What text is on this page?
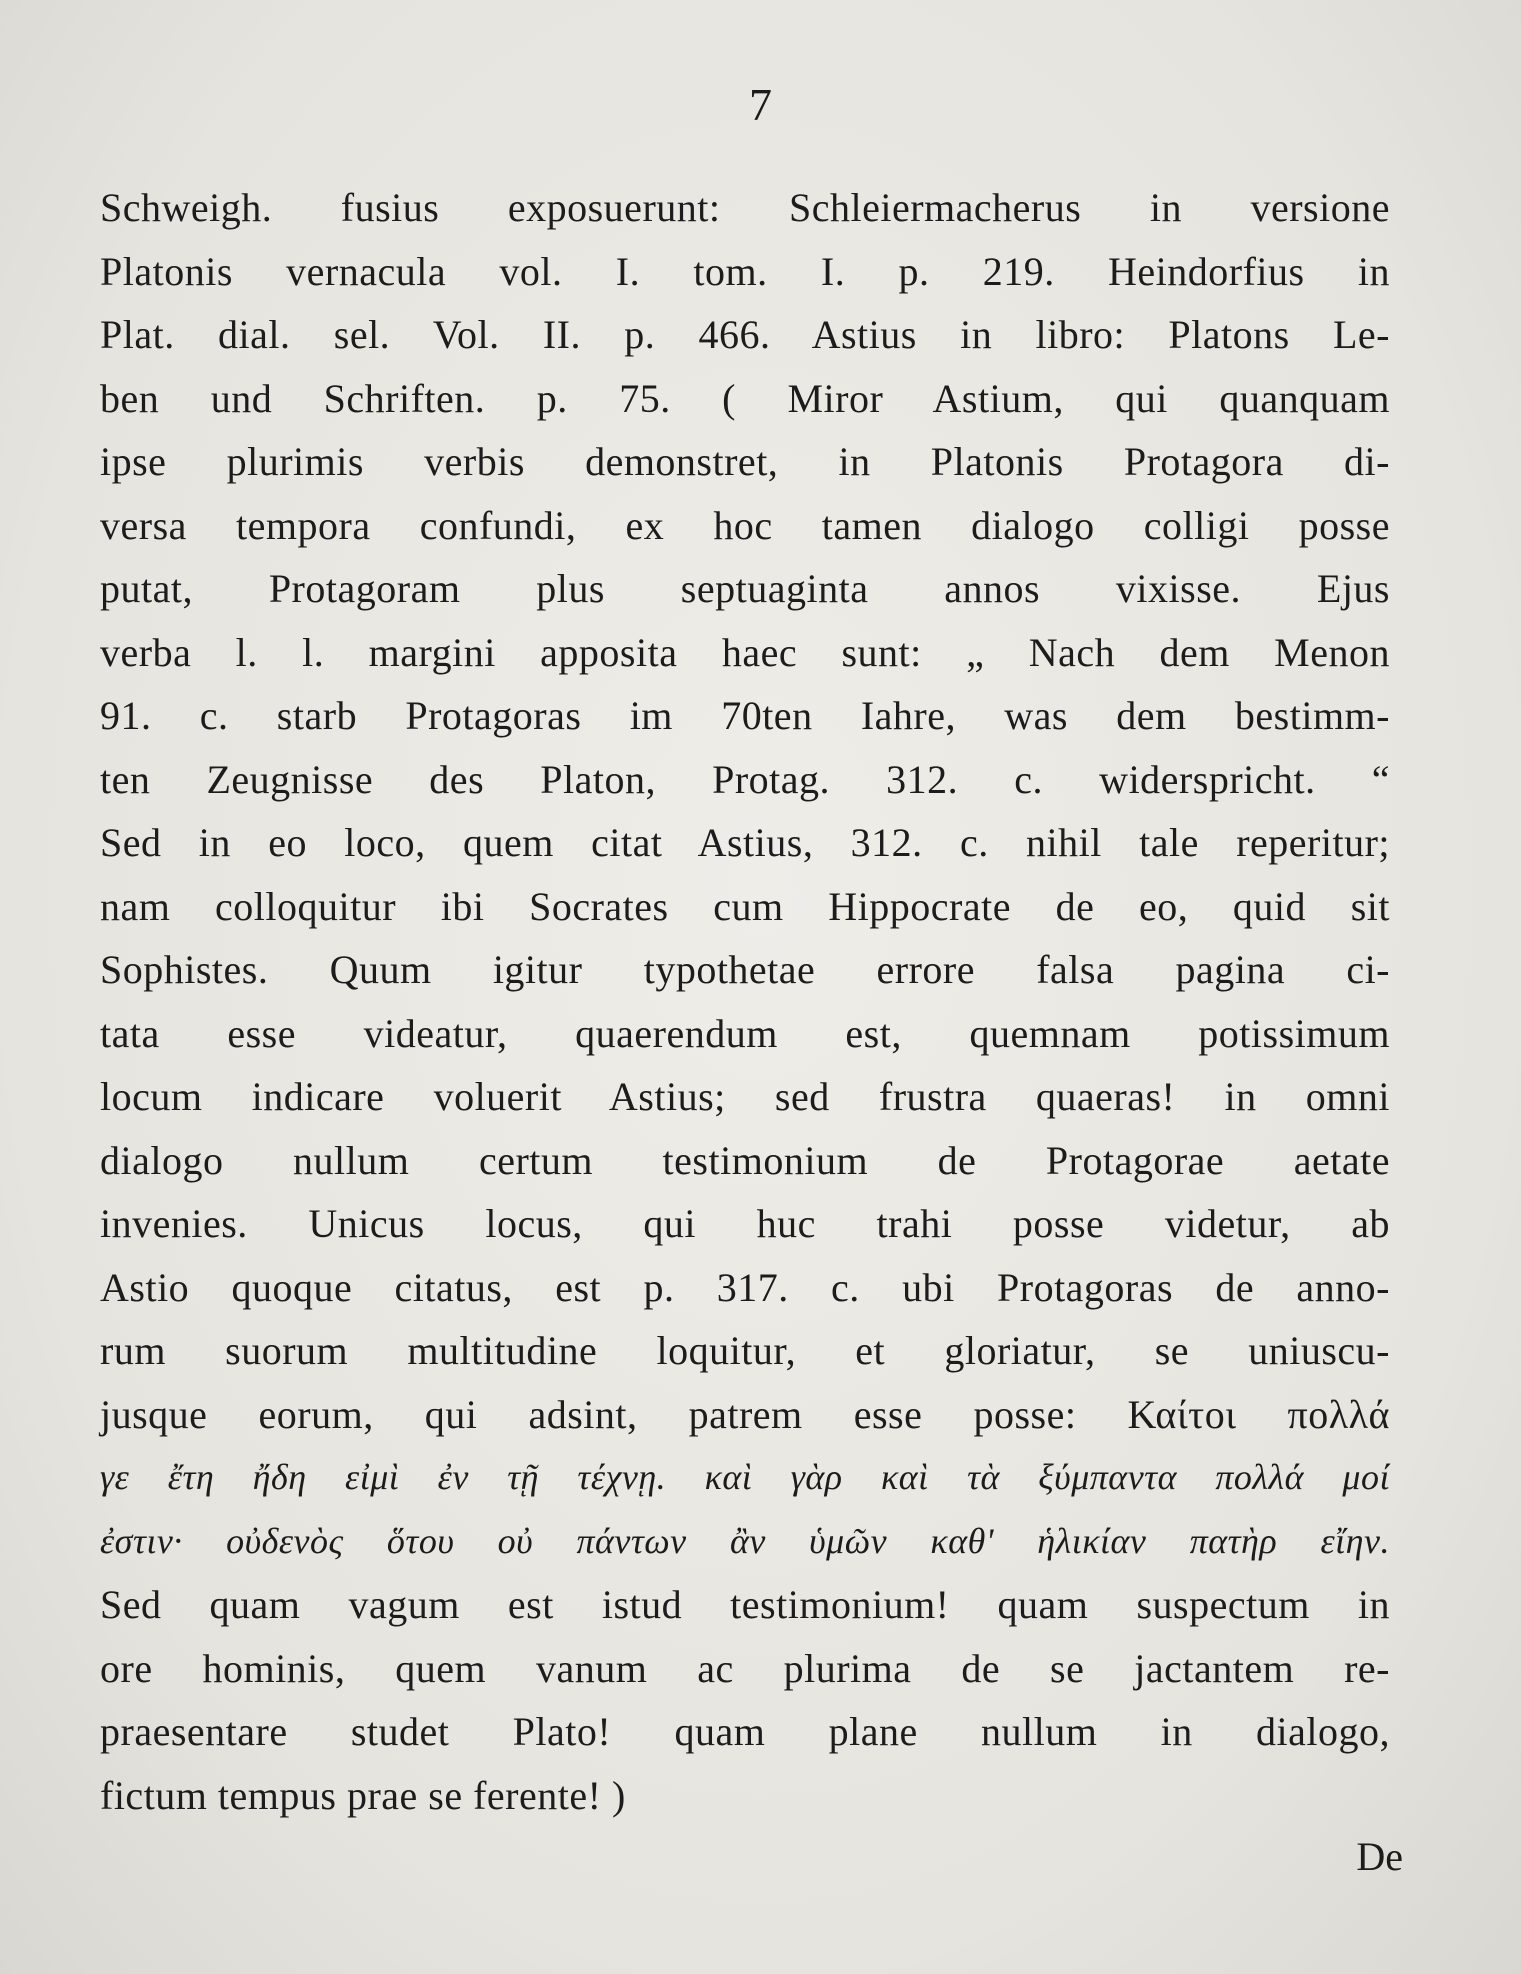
7
Schweigh. fusius exposuerunt: Schleiermacherus in versione
Platonis vernacula vol. I. tom. I. p. 219. Heindorfius in
Plat. dial. sel. Vol. II. p. 466. Astius in libro: Platons Le-
ben und Schriften. p. 75. ( Miror Astium, qui quanquam
ipse plurimis verbis demonstret, in Platonis Protagora di-
versa tempora confundi, ex hoc tamen dialogo colligi posse
putat, Protagoram plus septuaginta annos vixisse. Ejus
verba l. l. margini apposita haec sunt: „ Nach dem Menon
91. c. starb Protagoras im 70ten Iahre, was dem bestimm-
ten Zeugnisse des Platon, Protag. 312. c. widerspricht. “
Sed in eo loco, quem citat Astius, 312. c. nihil tale reperitur;
nam colloquitur ibi Socrates cum Hippocrate de eo, quid sit
Sophistes. Quum igitur typothetae errore falsa pagina ci-
tata esse videatur, quaerendum est, quemnam potissimum
locum indicare voluerit Astius; sed frustra quaeras! in omni
dialogo nullum certum testimonium de Protagorae aetate
invenies. Unicus locus, qui huc trahi posse videtur, ab
Astio quoque citatus, est p. 317. c. ubi Protagoras de anno-
rum suorum multitudine loquitur, et gloriatur, se uniuscu-
jusque eorum, qui adsint, patrem esse posse: Καίτοι πολλά
γε ἔτη ἤδη εἰμὶ ἐν τῇ τέχνῃ. καὶ γὰρ καὶ τὰ ξύμπαντα πολλά μοί
ἐστιν· οὐδενὸς ὅτου οὐ πάντων ἂν ὑμῶν καθ' ἡλικίαν πατὴρ εἴην.
Sed quam vagum est istud testimonium! quam suspectum in
ore hominis, quem vanum ac plurima de se jactantem re-
praesentare studet Plato! quam plane nullum in dialogo,
fictum tempus prae se ferente! )
De
